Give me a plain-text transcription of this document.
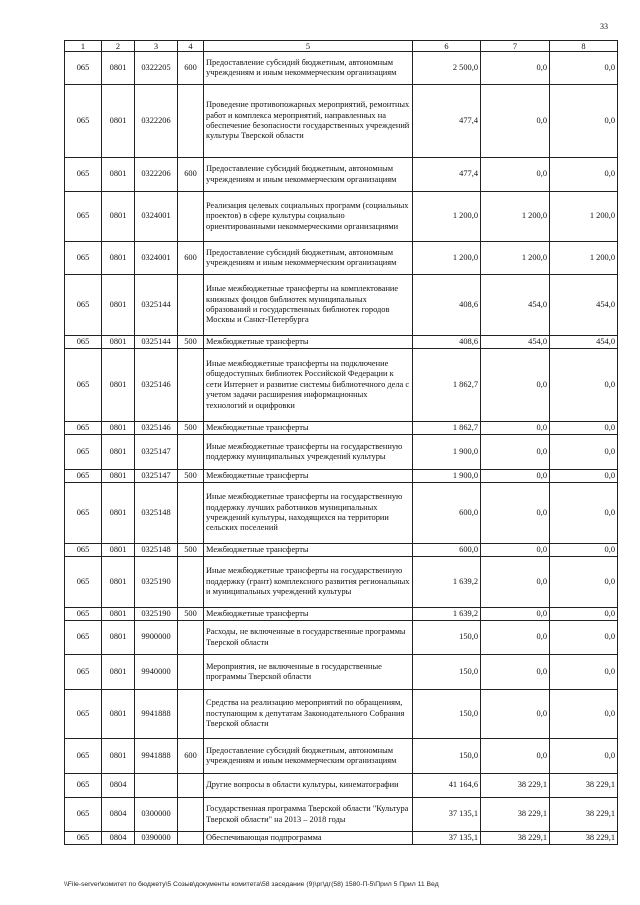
33
1	2	3	4	5	6	7	8
065	0801	0322205	600	Предоставление субсидий бюджетным, автономным учреждениям и иным некоммерческим организациям	2 500,0	0,0	0,0
065	0801	0322206		Проведение противопожарных мероприятий, ремонтных работ и комплекса мероприятий, направленных на обеспечение безопасности государственных учреждений культуры Тверской области	477,4	0,0	0,0
065	0801	0322206	600	Предоставление субсидий бюджетным, автономным учреждениям и иным некоммерческим организациям	477,4	0,0	0,0
065	0801	0324001		Реализация целевых социальных программ (социальных проектов) в сфере культуры социально ориентированными некоммерческими организациями	1 200,0	1 200,0	1 200,0
065	0801	0324001	600	Предоставление субсидий бюджетным, автономным учреждениям и иным некоммерческим организациям	1 200,0	1 200,0	1 200,0
065	0801	0325144		Иные межбюджетные трансферты на комплектование книжных фондов библиотек муниципальных образований и государственных библиотек городов Москвы и Санкт-Петербурга	408,6	454,0	454,0
065	0801	0325144	500	Межбюджетные трансферты	408,6	454,0	454,0
065	0801	0325146		Иные межбюджетные трансферты на подключение общедоступных библиотек Российской Федерации к сети Интернет и развитие системы библиотечного дела с учетом задачи расширения информационных технологий и оцифровки	1 862,7	0,0	0,0
065	0801	0325146	500	Межбюджетные трансферты	1 862,7	0,0	0,0
065	0801	0325147		Иные межбюджетные трансферты на государственную поддержку муниципальных учреждений культуры	1 900,0	0,0	0,0
065	0801	0325147	500	Межбюджетные трансферты	1 900,0	0,0	0,0
065	0801	0325148		Иные межбюджетные трансферты на государственную поддержку лучших работников муниципальных учреждений культуры, находящихся на территории сельских поселений	600,0	0,0	0,0
065	0801	0325148	500	Межбюджетные трансферты	600,0	0,0	0,0
065	0801	0325190		Иные межбюджетные трансферты на государственную поддержку (грант) комплексного развития региональных и муниципальных учреждений культуры	1 639,2	0,0	0,0
065	0801	0325190	500	Межбюджетные трансферты	1 639,2	0,0	0,0
065	0801	9900000		Расходы, не включенные в государственные программы Тверской области	150,0	0,0	0,0
065	0801	9940000		Мероприятия, не включенные в государственные программы Тверской области	150,0	0,0	0,0
065	0801	9941888		Средства на реализацию мероприятий по обращениям, поступающим к депутатам Законодательного Собрания Тверской области	150,0	0,0	0,0
065	0801	9941888	600	Предоставление субсидий бюджетным, автономным учреждениям и иным некоммерческим организациям	150,0	0,0	0,0
065	0804			Другие вопросы в области культуры, кинематографии	41 164,6	38 229,1	38 229,1
065	0804	0300000		Государственная программа Тверской области "Культура Тверской области" на 2013 – 2018 годы	37 135,1	38 229,1	38 229,1
065	0804	0390000		Обеспечивающая подпрограмма	37 135,1	38 229,1	38 229,1
\\File-server\комитет по бюджету\5 Созыв\документы комитета\58 заседание (9)\рг\дг(58) 1580-П-5\Прил 5 Прил 11 Вед
